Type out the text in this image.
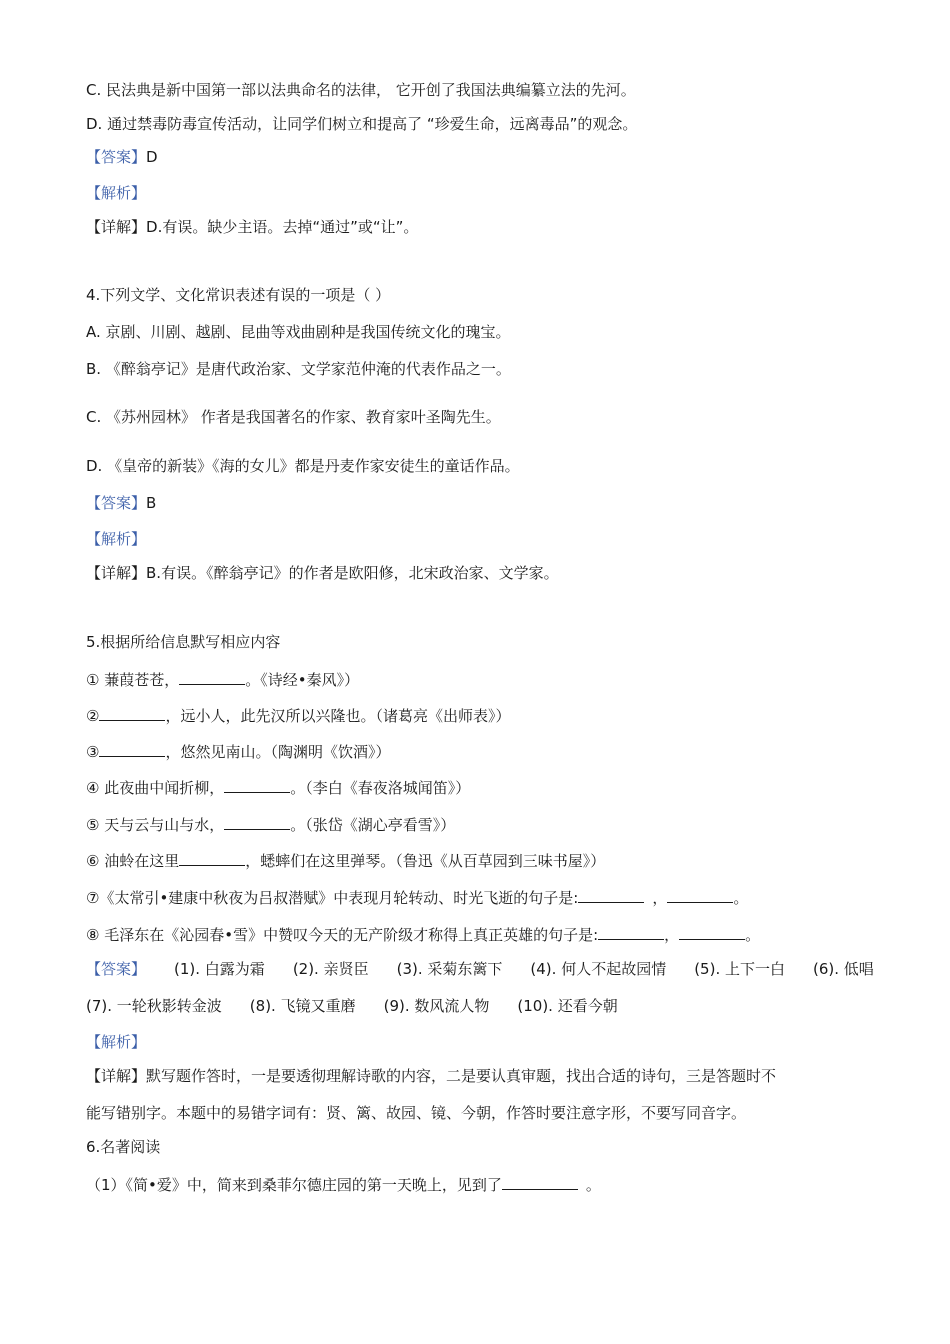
C. 民法典是新中国第一部以法典命名的法律， 它开创了我国法典编纂立法的先河。
D. 通过禁毒防毒宣传活动，让同学们树立和提高了 “珍爱生命，远离毒品”的观念。
【答案】D
【解析】
【详解】D.有误。缺少主语。去掉“通过”或“让”。
4.下列文学、文化常识表述有误的一项是（ ）
A. 京剧、川剧、越剧、昆曲等戏曲剧种是我国传统文化的瑰宝。
B. 《醉翁亭记》是唐代政治家、文学家范仲淹的代表作品之一。
C. 《苏州园林》 作者是我国著名的作家、教育家叶圣陶先生。
D. 《皇帝的新装》《海的女儿》都是丹麦作家安徒生的童话作品。
【答案】B
【解析】
【详解】B.有误。《醉翁亭记》的作者是欧阳修，北宋政治家、文学家。
5.根据所给信息默写相应内容
① 蒹葭苍苍，	。《诗经•秦风》）
②	，远小人，此先汉所以兴隆也。（诸葛亮《出师表》）
③	，悠然见南山。（陶渊明《饮酒》）
④ 此夜曲中闻折柳，	。（李白《春夜洛城闻笛》）
⑤ 天与云与山与水，	。（张岱《湖心亭看雪》）
⑥ 油蛉在这里	，蟋蟀们在这里弹琴。（鲁迅《从百草园到三味书屋》）
⑦《太常引•建康中秋夜为吕叔潜赋》中表现月轮转动、时光飞逝的句子是:	，	。
⑧ 毛泽东在《沁园春•雪》中赞叹今天的无产阶级才称得上真正英雄的句子是:	，	。
【答案】 (1). 白露为霜 (2). 亲贤臣 (3). 采菊东篱下 (4). 何人不起故园情 (5). 上下一白 (6). 低唱
(7). 一轮秋影转金波 (8). 飞镜又重磨 (9). 数风流人物 (10). 还看今朝
【解析】
【详解】默写题作答时，一是要透彻理解诗歌的内容，二是要认真审题，找出合适的诗句，三是答题时不
能写错别字。本题中的易错字词有：贤、篱、故园、镜、今朝，作答时要注意字形，不要写同音字。
6.名著阅读
（1）《简•爱》中，简来到桑菲尔德庄园的第一天晚上，见到了	。
